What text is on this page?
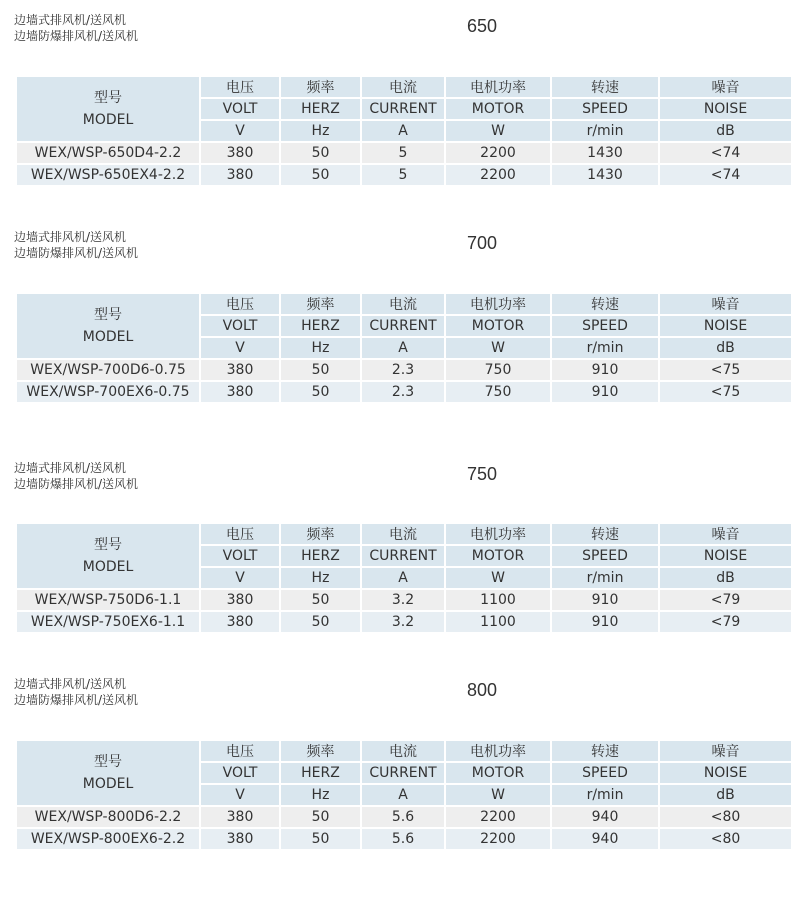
边墙式排风机/送风机
边墙防爆排风机/送风机	650
型号
MODEL	电压	频率	电流	电机功率	转速	噪音
	VOLT	HERZ	CURRENT	MOTOR	SPEED	NOISE
	V	Hz	A	W	r/min	dB
WEX/WSP-650D4-2.2	380	50	5	2200	1430	<74
WEX/WSP-650EX4-2.2	380	50	5	2200	1430	<74
边墙式排风机/送风机
边墙防爆排风机/送风机	700
型号
MODEL	电压	频率	电流	电机功率	转速	噪音
	VOLT	HERZ	CURRENT	MOTOR	SPEED	NOISE
	V	Hz	A	W	r/min	dB
WEX/WSP-700D6-0.75	380	50	2.3	750	910	<75
WEX/WSP-700EX6-0.75	380	50	2.3	750	910	<75
边墙式排风机/送风机
边墙防爆排风机/送风机	750
型号
MODEL	电压	频率	电流	电机功率	转速	噪音
	VOLT	HERZ	CURRENT	MOTOR	SPEED	NOISE
	V	Hz	A	W	r/min	dB
WEX/WSP-750D6-1.1	380	50	3.2	1100	910	<79
WEX/WSP-750EX6-1.1	380	50	3.2	1100	910	<79
边墙式排风机/送风机
边墙防爆排风机/送风机	800
型号
MODEL	电压	频率	电流	电机功率	转速	噪音
	VOLT	HERZ	CURRENT	MOTOR	SPEED	NOISE
	V	Hz	A	W	r/min	dB
WEX/WSP-800D6-2.2	380	50	5.6	2200	940	<80
WEX/WSP-800EX6-2.2	380	50	5.6	2200	940	<80
